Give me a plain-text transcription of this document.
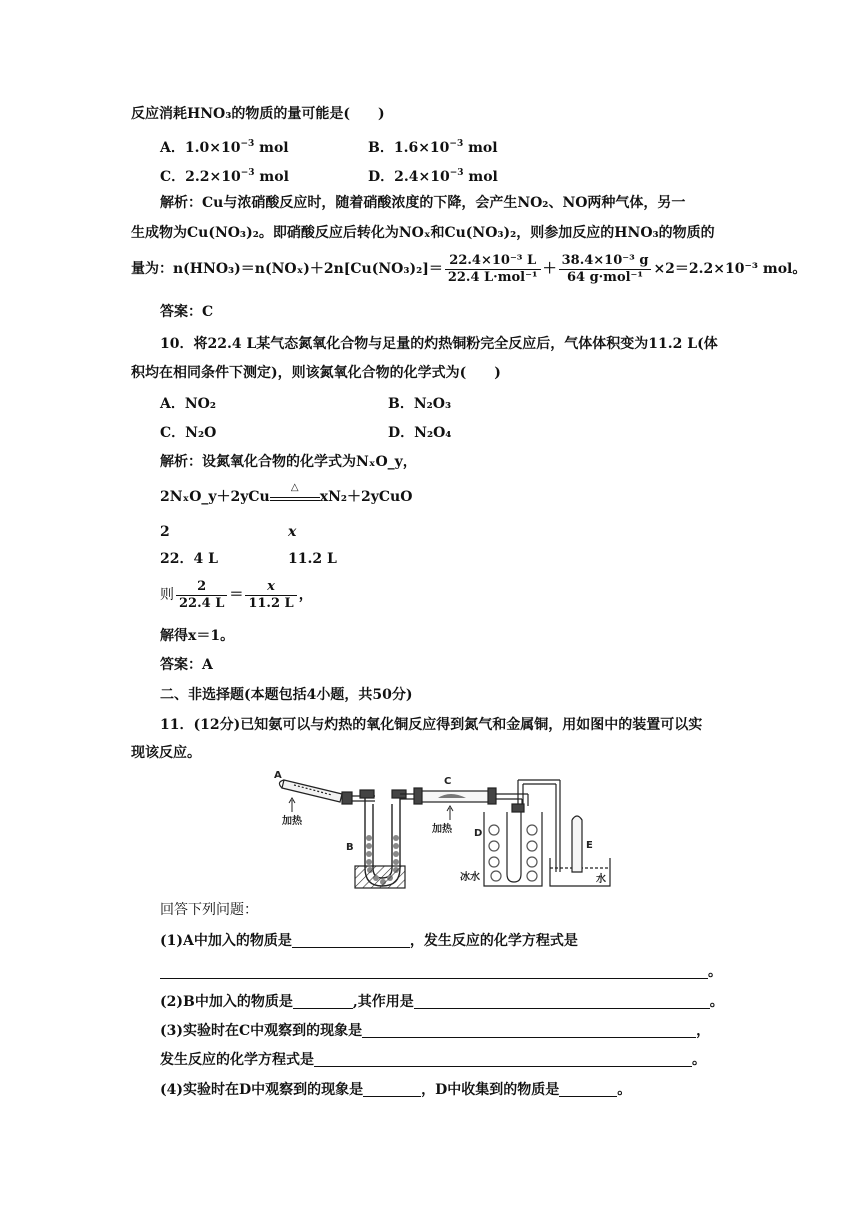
反应消耗HNO₃的物质的量可能是(　　)
A．$1.0\times 10^{-3}$ mol	B．$1.6\times 10^{-3}$ mol
C．$2.2\times 10^{-3}$ mol	D．$2.4\times 10^{-3}$ mol
解析：Cu与浓硝酸反应时，随着硝酸浓度的下降，会产生NO₂、NO两种气体，另一
生成物为Cu(NO₃)₂。即硝酸反应后转化为NOₓ和Cu(NO₃)₂，则参加反应的HNO₃的物质的
量为：$n(HNO_3)=n(NO_x)+2n[Cu(NO_3)_2]= \frac{\text{22.4×10⁻³ L}}{\text{22.4 L·mol⁻¹}} + \frac{\text{38.4×10⁻³ g}}{\text{64 g·mol⁻¹}} \times 2=2.2\times 10^{-3}$ mol。
答案：C
10．将22.4 L某气态氮氧化合物与足量的灼热铜粉完全反应后，气体体积变为11.2 L(体
积均在相同条件下测定)，则该氮氧化合物的化学式为(　　)
A．NO₂	B．N₂O₃
C．N₂O	D．N₂O₄
解析：设氮氧化合物的化学式为NₓO_y，
2NₓO_y＋2yCu
△
xN₂＋2yCuO
2	x
22．4 L	11.2 L
则 $\frac{2}{22.4 L} = \frac{x}{11.2 L}$ ，
解得x＝1。
答案：A
二、非选择题(本题包括4小题，共50分)
11．(12分)已知氨可以与灼热的氧化铜反应得到氮气和金属铜，用如图中的装置可以实
现该反应。
A
加热
B
C
加热 D
E
冰水	水
回答下列问题：
(1)A中加入的物质是	，发生反应的化学方程式是
。
(2)B中加入的物质是	,其作用是	。
(3)实验时在C中观察到的现象是	，
发生反应的化学方程式是	。
(4)实验时在D中观察到的现象是	，D中收集到的物质是	。
